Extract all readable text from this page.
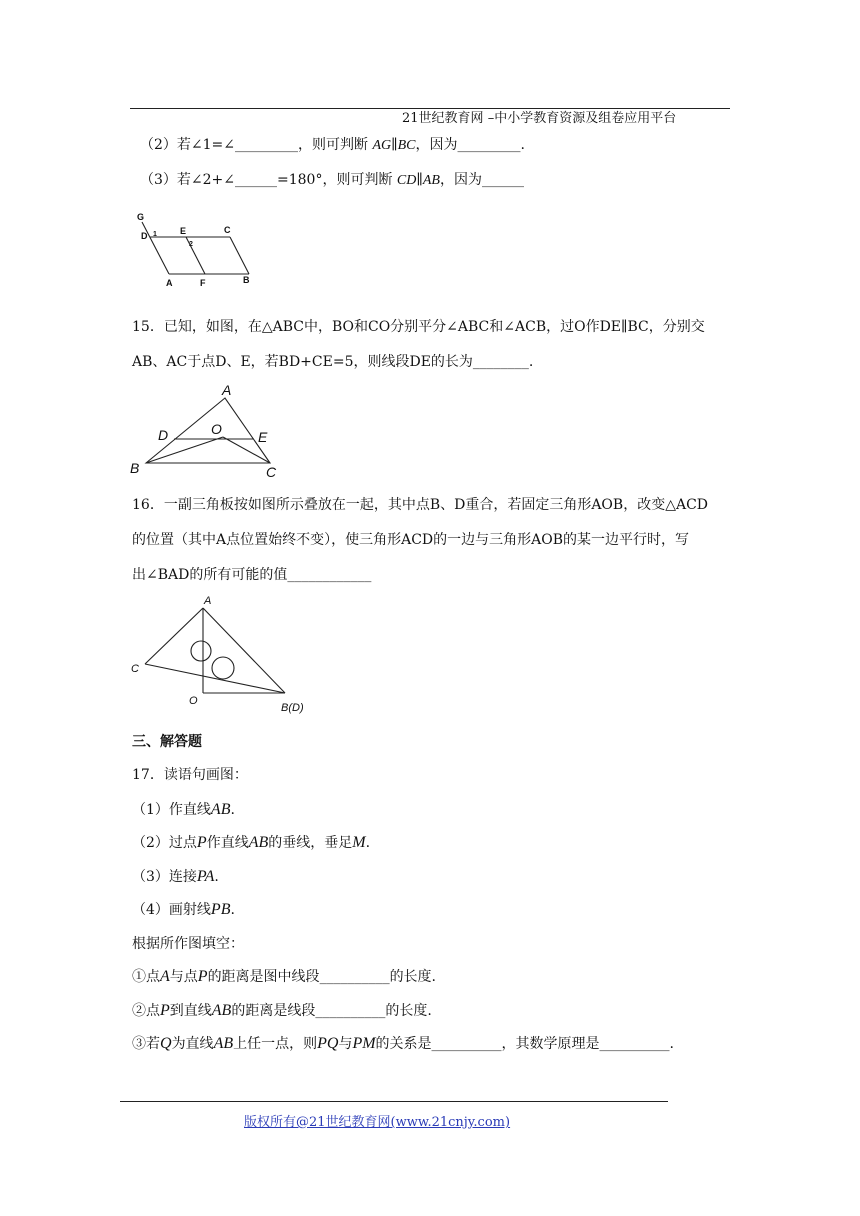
21世纪教育网 –中小学教育资源及组卷应用平台
（2）若∠1=∠_________，则可判断 AG∥BC，因为_________.
（3）若∠2+∠______=180°，则可判断 CD∥AB，因为______
G
D 1	E
2
C
A	F	B
15．已知，如图，在△ABC中，BO和CO分别平分∠ABC和∠ACB，过O作DE∥BC，分别交
AB、AC于点D、E，若BD+CE=5，则线段DE的长为________.
A
D	O	E
B	C
16．一副三角板按如图所示叠放在一起，其中点B、D重合，若固定三角形AOB，改变△ACD
的位置（其中A点位置始终不变），使三角形ACD的一边与三角形AOB的某一边平行时，写
出∠BAD的所有可能的值____________
A
C
O
B(D)
三、解答题
17．读语句画图：
（1）作直线AB.
（2）过点P作直线AB的垂线，垂足M.
（3）连接PA.
（4）画射线PB.
根据所作图填空：
①点A与点P的距离是图中线段__________的长度.
②点P到直线AB的距离是线段__________的长度.
③若Q为直线AB上任一点，则PQ与PM的关系是__________，其数学原理是__________.
版权所有@21世纪教育网(www.21cnjy.com)
